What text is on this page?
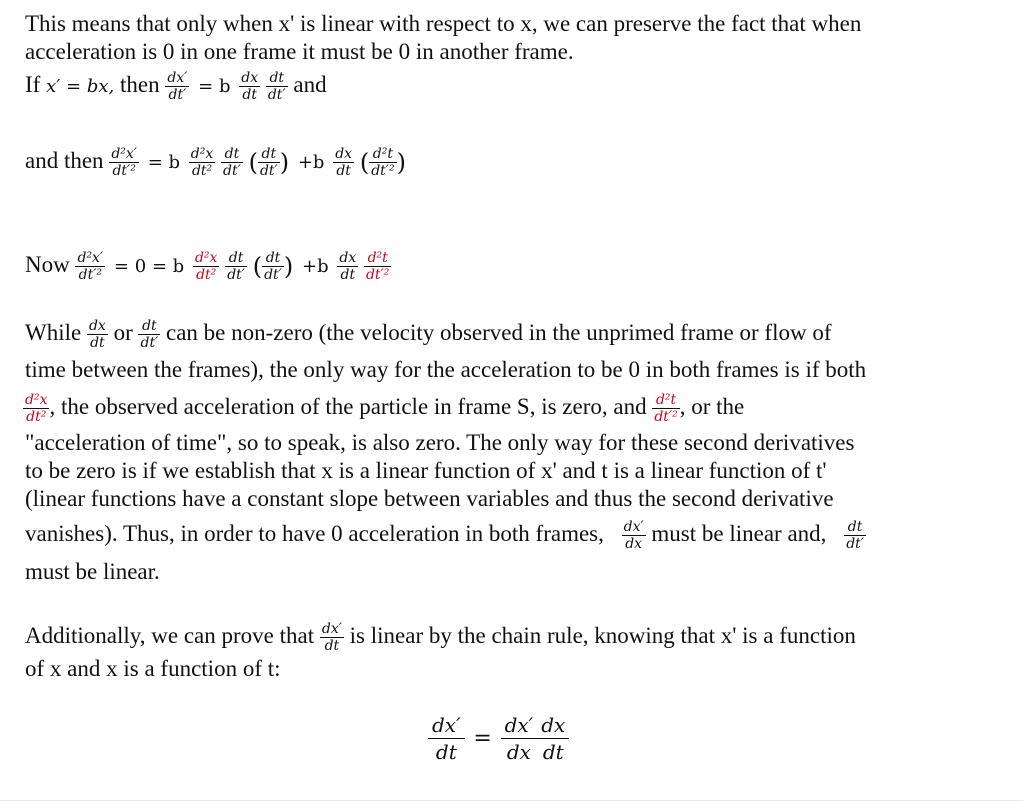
This means that only when x' is linear with respect to x, we can preserve the fact that when
acceleration is 0 in one frame it must be 0 in another frame.
If x′ = bx, then $\frac{dx'}{dt'} = b \frac{dx}{dt}$
$\frac{dt}{dt'}$ and
and then $\frac{\text{d²x′}}{\text{dt′²}} = b \frac{\text{d²x}}{\text{dt²}}$
$\frac{dt}{dt'}$ ( $\frac{dt}{dt'}$ ) $+b \frac{dx}{dt}$ ( $\frac{\text{d²t}}{\text{dt′²}}$ )
Now $\frac{\text{d²x′}}{\text{dt′²}} = 0 = b \frac{\text{d²x}}{\text{dt²}}$
$\frac{dt}{dt'}$ ( $\frac{dt}{dt'}$ ) $+b \frac{dx}{dt}$
$\frac{\text{d²t}}{\text{dt′²}}$
While $\frac{dx}{dt}$ or $\frac{dt}{dt'}$ can be non-zero (the velocity observed in the unprimed frame or flow of
time between the frames), the only way for the acceleration to be 0 in both frames is if both
$\frac{\text{d²x}}{\text{dt²}}$ , the observed acceleration of the particle in frame S, is zero, and $\frac{\text{d²t}}{\text{dt′²}}$ , or the
"acceleration of time", so to speak, is also zero. The only way for these second derivatives
to be zero is if we establish that x is a linear function of x' and t is a linear function of t'
(linear functions have a constant slope between variables and thus the second derivative
vanishes). Thus, in order to have 0 acceleration in both frames, $\frac{dx'}{dx}$ must be linear and, $\frac{dt}{dt'}$
must be linear.
Additionally, we can prove that $\frac{dx'}{dt}$ is linear by the chain rule, knowing that x' is a function
of x and x is a function of t:
$\frac{dx'}{dt} = \frac{dx'}{dx} \frac{dx}{dt}$
